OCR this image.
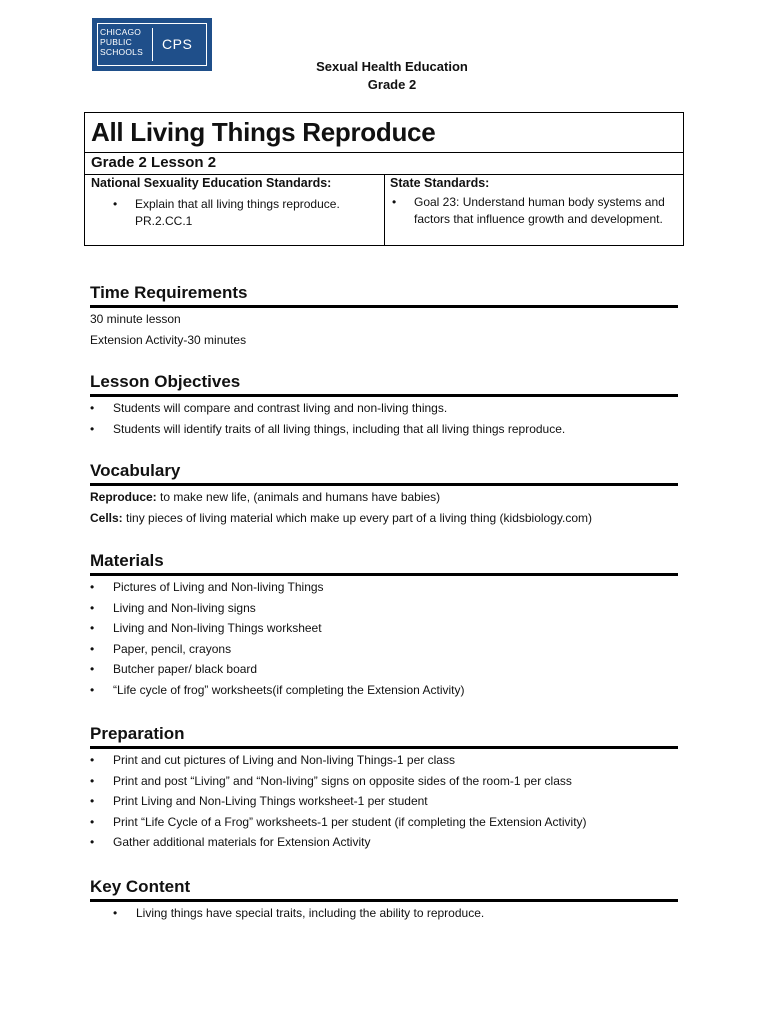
CHICAGO
PUBLIC
SCHOOLS CPS
Sexual Health Education
Grade 2
All Living Things Reproduce
Grade 2 Lesson 2
National Sexuality Education Standards:	State Standards:
• Explain that all living things reproduce. PR.2.CC.1
• Goal 23: Understand human body systems and factors that influence growth and development.
Time Requirements
30 minute lesson
Extension Activity-30 minutes
Lesson Objectives
• Students will compare and contrast living and non-living things.
• Students will identify traits of all living things, including that all living things reproduce.
Vocabulary
Reproduce: to make new life, (animals and humans have babies)
Cells: tiny pieces of living material which make up every part of a living thing (kidsbiology.com)
Materials
• Pictures of Living and Non-living Things
• Living and Non-living signs
• Living and Non-living Things worksheet
• Paper, pencil, crayons
• Butcher paper/ black board
• “Life cycle of frog” worksheets(if completing the Extension Activity)
Preparation
• Print and cut pictures of Living and Non-living Things-1 per class
• Print and post “Living” and “Non-living” signs on opposite sides of the room-1 per class
• Print Living and Non-Living Things worksheet-1 per student
• Print “Life Cycle of a Frog” worksheets-1 per student (if completing the Extension Activity)
• Gather additional materials for Extension Activity
Key Content
• Living things have special traits, including the ability to reproduce.
